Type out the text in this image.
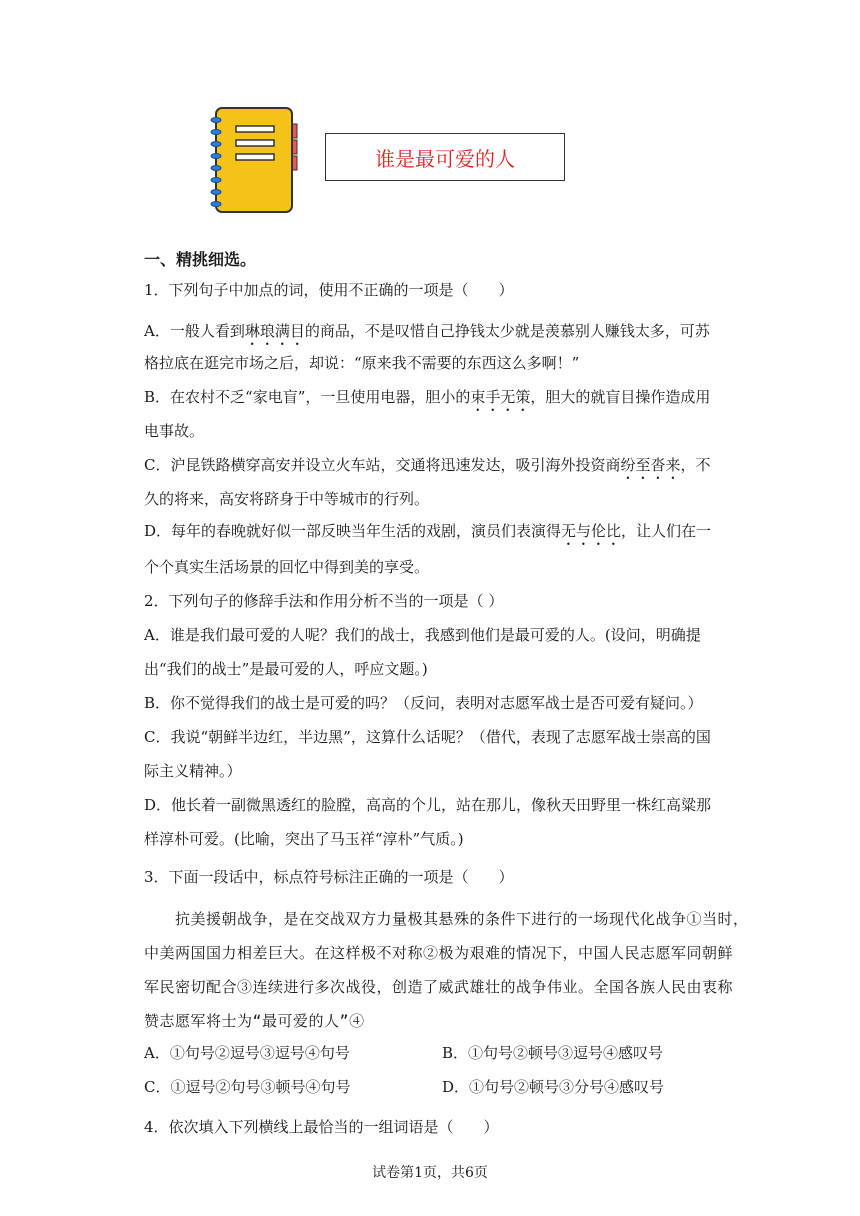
谁是最可爱的人
一、精挑细选。
1．下列句子中加点的词，使用不正确的一项是（　　）
A．一般人看到琳琅满目的商品，不是叹惜自己挣钱太少就是羡慕别人赚钱太多，可苏
格拉底在逛完市场之后，却说：“原来我不需要的东西这么多啊！”
B．在农村不乏“家电盲”，一旦使用电器，胆小的束手无策，胆大的就盲目操作造成用
电事故。
C．沪昆铁路横穿高安并设立火车站，交通将迅速发达，吸引海外投资商纷至沓来，不
久的将来，高安将跻身于中等城市的行列。
D．每年的春晚就好似一部反映当年生活的戏剧，演员们表演得无与伦比，让人们在一
个个真实生活场景的回忆中得到美的享受。
2．下列句子的修辞手法和作用分析不当的一项是（ ）
A．谁是我们最可爱的人呢？我们的战士，我感到他们是最可爱的人。(设问，明确提
出“我们的战士”是最可爱的人，呼应文题。)
B．你不觉得我们的战士是可爱的吗？（反问，表明对志愿军战士是否可爱有疑问。）
C．我说“朝鲜半边红，半边黑”，这算什么话呢？（借代，表现了志愿军战士崇高的国
际主义精神。）
D．他长着一副微黑透红的脸膛，高高的个儿，站在那儿，像秋天田野里一株红高粱那
样淳朴可爱。(比喻，突出了马玉祥“淳朴”气质。)
3．下面一段话中，标点符号标注正确的一项是（　　）
　　抗美援朝战争，是在交战双方力量极其悬殊的条件下进行的一场现代化战争①当时，
中美两国国力相差巨大。在这样极不对称②极为艰难的情况下，中国人民志愿军同朝鲜
军民密切配合③连续进行多次战役，创造了威武雄壮的战争伟业。全国各族人民由衷称
赞志愿军将士为“最可爱的人”④
A．①句号②逗号③逗号④句号	B．①句号②顿号③逗号④感叹号
C．①逗号②句号③顿号④句号	D．①句号②顿号③分号④感叹号
4．依次填入下列横线上最恰当的一组词语是（　　）
试卷第1页，共6页
